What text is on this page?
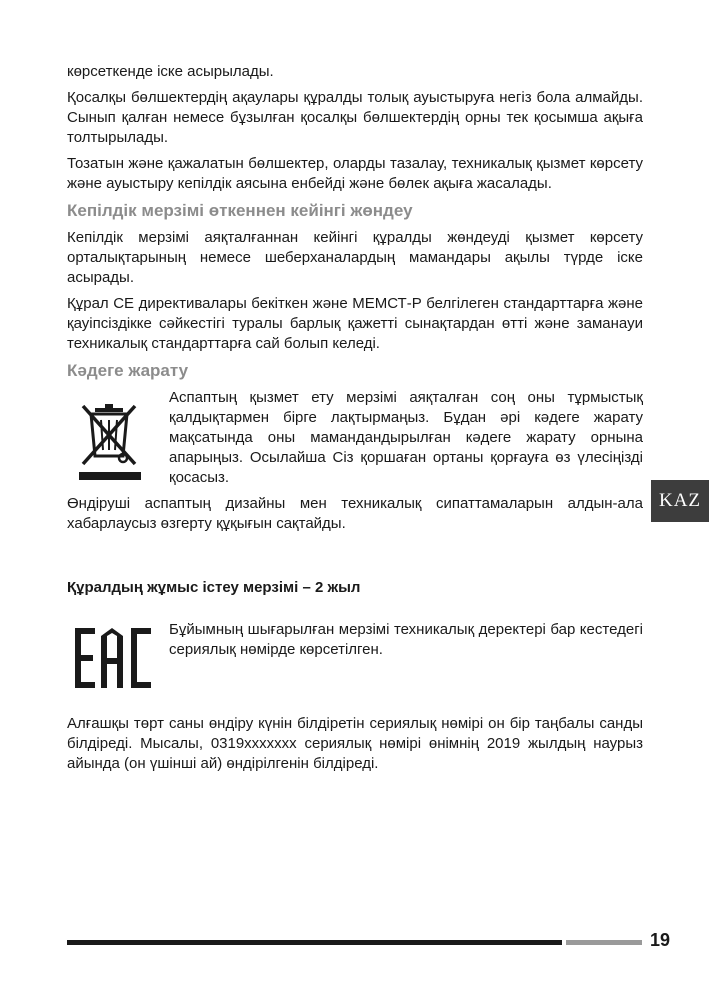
көрсеткенде іске асырылады.

Қосалқы бөлшектердің ақаулары құралды толық ауыстыруға негіз бола алмайды. Сынып қалған немесе бұзылған қосалқы бөлшектердің орны тек қосымша ақыға толтырылады.

Тозатын және қажалатын бөлшектер, оларды тазалау, техникалық қызмет көрсету және ауыстыру кепілдік аясына енбейді және бөлек ақыға жасалады.

Кепілдік мерзімі өткеннен кейінгі жөндеу

Кепілдік мерзімі аяқталғаннан кейінгі құралды жөндеуді қызмет көрсету орталықтарының немесе шеберханалардың мамандары ақылы түрде іске асырады.

Құрал CE директивалары бекіткен және МЕМСТ-Р белгілеген стандарттарға және қауіпсіздікке сәйкестігі туралы барлық қажетті сынақтардан өтті және заманауи техникалық стандарттарға сай болып келеді.

Кәдеге жарату

Аспаптың қызмет ету мерзімі аяқталған соң оны тұрмыстық қалдықтармен бірге лақтырмаңыз. Бұдан әрі кәдеге жарату мақсатында оны мамандандырылған кәдеге жарату орнына апарыңыз. Осылайша Сіз қоршаған ортаны қорғауға өз үлесіңізді қосасыз.

Өндіруші аспаптың дизайны мен техникалық сипаттамаларын алдын-ала хабарлаусыз өзгерту құқығын сақтайды.

Құралдың жұмыс істеу мерзімі – 2 жыл

Бұйымның шығарылған мерзімі техникалық деректері бар кестедегі сериялық нөмірде көрсетілген.

Алғашқы төрт саны өндіру күнін білдіретін сериялық нөмірі он бір таңбалы санды білдіреді. Мысалы, 0319ххххххх сериялық нөмірі өнімнің 2019 жылдың наурыз айында (он үшінші ай) өндірілгенін білдіреді.

KAZ
19
